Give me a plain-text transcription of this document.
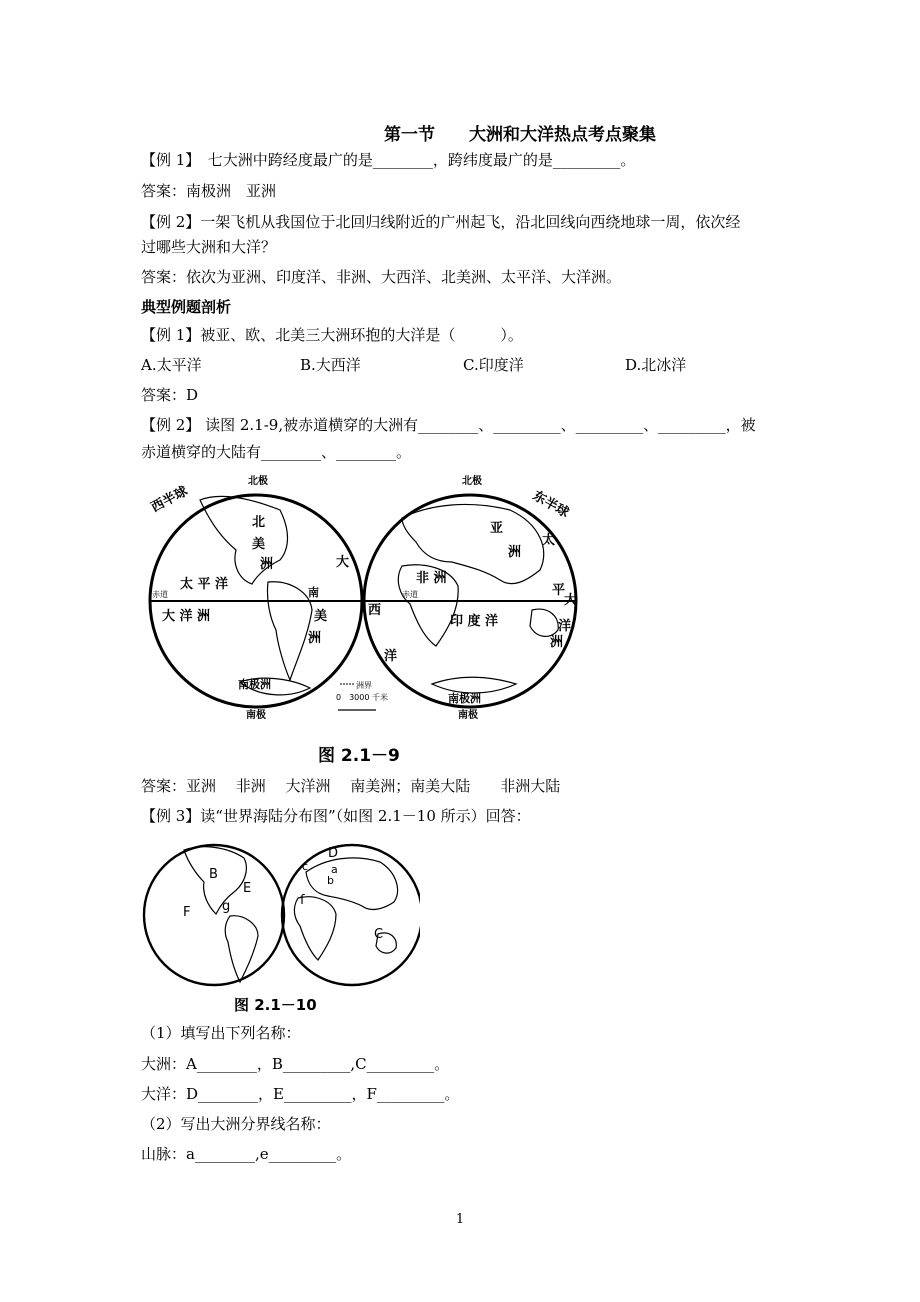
第一节　　大洲和大洋热点考点聚集
【例 1】　七大洲中跨经度最广的是________，跨纬度最广的是_________。
答案：南极洲　亚洲
【例 2】一架飞机从我国位于北回归线附近的广州起飞，沿北回线向西绕地球一周，依次经
过哪些大洲和大洋？
答案：依次为亚洲、印度洋、非洲、大西洋、北美洲、太平洋、大洋洲。
典型例题剖析
【例 1】被亚、欧、北美三大洲环抱的大洋是（　　　）。
A.太平洋	B.大西洋	C.印度洋	D.北冰洋
答案：D
【例 2】 读图 2.1-9,被赤道横穿的大洲有________、_________、_________、_________，被
赤道横穿的大陆有________、________。
西半球	东半球
北极	北极
南极	南极
赤道	赤道
北
美
洲
太 平 洋
大
南
美
洲
大 洋 洲
南极洲
亚
洲
非 洲
太
平
大
西
洋
印 度 洋	洋
洲
南极洲
洲界
0　3000 千米
图 2.1－9
答案：亚洲　 非洲　 大洋洲　 南美洲；南美大陆　　非洲大陆
【例 3】读“世界海陆分布图”（如图 2.1－10 所示）回答：
B
E
F g
D
a
b
f
c
C
图 2.1－10
（1）填写出下列名称：
大洲：A________，B_________,C_________。
大洋：D________，E_________，F_________。
（2）写出大洲分界线名称：
山脉：a________,e_________。
1
